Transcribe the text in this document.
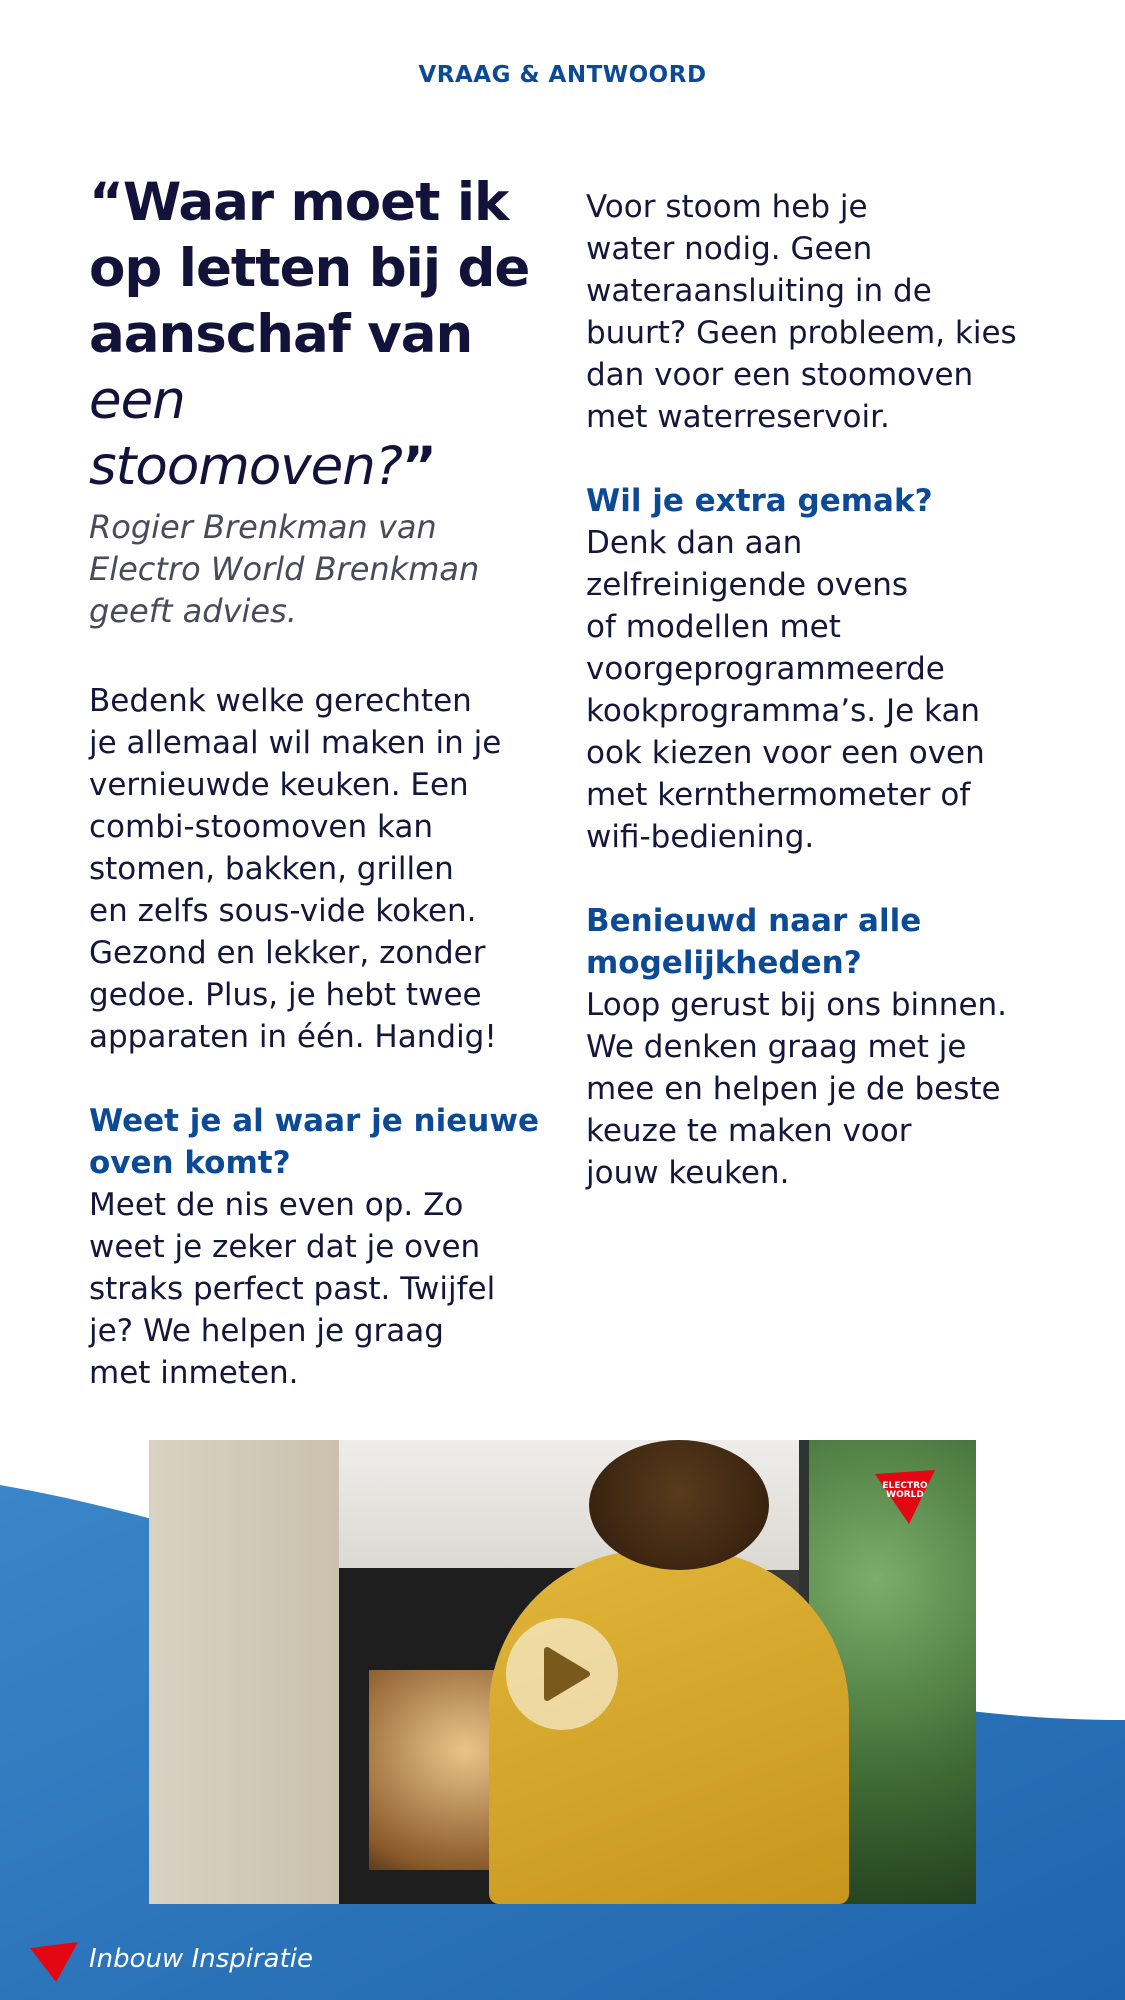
VRAAG & ANTWOORD
“Waar moet ik
op letten bij de
aanschaf van een
stoomoven?”
Rogier Brenkman van
Electro World Brenkman
geeft advies.
Bedenk welke gerechten
je allemaal wil maken in je
vernieuwde keuken. Een
combi-stoomoven kan
stomen, bakken, grillen
en zelfs sous-vide koken.
Gezond en lekker, zonder
gedoe. Plus, je hebt twee
apparaten in één. Handig!
Weet je al waar je nieuwe
oven komt?
Meet de nis even op. Zo
weet je zeker dat je oven
straks perfect past. Twijfel
je? We helpen je graag
met inmeten.
Voor stoom heb je
water nodig. Geen
wateraansluiting in de
buurt? Geen probleem, kies
dan voor een stoomoven
met waterreservoir.
Wil je extra gemak?
Denk dan aan
zelfreinigende ovens
of modellen met
voorgeprogrammeerde
kookprogramma’s. Je kan
ook kiezen voor een oven
met kernthermometer of
wifi-bediening.
Benieuwd naar alle
mogelijkheden?
Loop gerust bij ons binnen.
We denken graag met je
mee en helpen je de beste
keuze te maken voor
jouw keuken.
ELECTRO
WORLD
Inbouw Inspiratie
